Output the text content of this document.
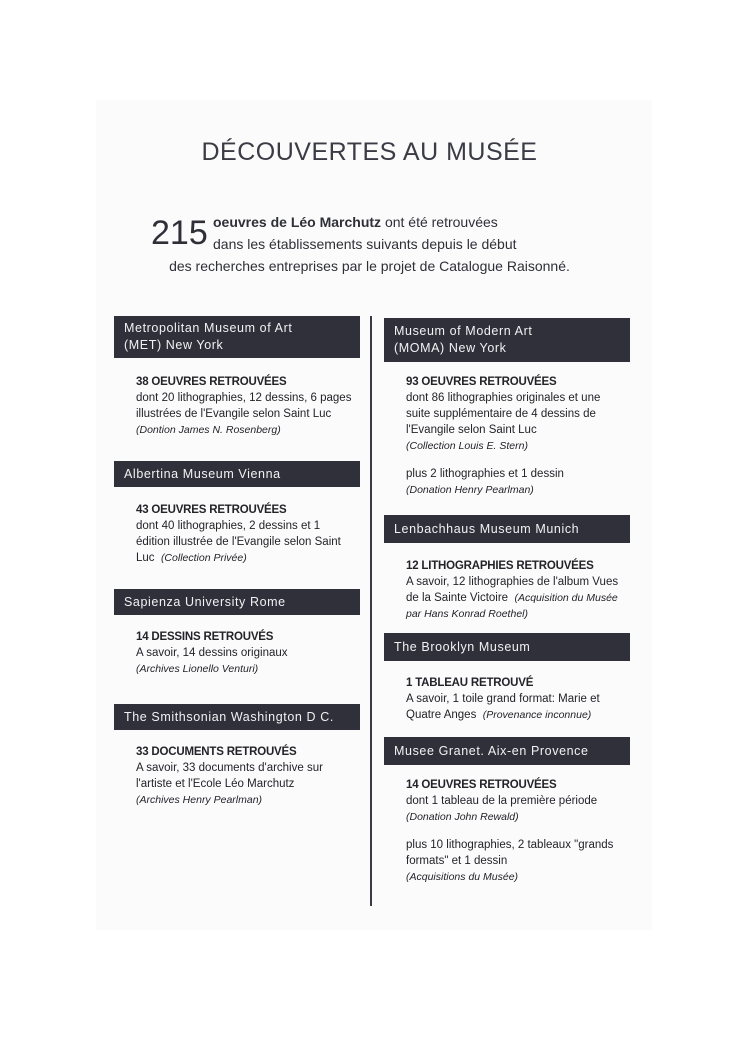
DÉCOUVERTES AU MUSÉE
215 oeuvres de Léo Marchutz ont été retrouvées
dans les établissements suivants depuis le début
des recherches entreprises par le projet de Catalogue Raisonné.
Metropolitan Museum of Art
(MET) New York
38 OEUVRES RETROUVÉES
dont 20 lithographies, 12 dessins, 6 pages
illustrées de l'Evangile selon Saint Luc
(Dontion James N. Rosenberg)
Albertina Museum Vienna
43 OEUVRES RETROUVÉES
dont 40 lithographies, 2 dessins et 1
édition illustrée de l'Evangile selon Saint
Luc (Collection Privée)
Sapienza University Rome
14 DESSINS RETROUVÉS
A savoir, 14 dessins originaux
(Archives Lionello Venturi)
The Smithsonian Washington D C.
33 DOCUMENTS RETROUVÉS
A savoir, 33 documents d'archive sur
l'artiste et l'Ecole Léo Marchutz
(Archives Henry Pearlman)
Museum of Modern Art
(MOMA) New York
93 OEUVRES RETROUVÉES
dont 86 lithographies originales et une
suite supplémentaire de 4 dessins de
l'Evangile selon Saint Luc
(Collection Louis E. Stern)
plus 2 lithographies et 1 dessin
(Donation Henry Pearlman)
Lenbachhaus Museum Munich
12 LITHOGRAPHIES RETROUVÉES
A savoir, 12 lithographies de l'album Vues
de la Sainte Victoire (Acquisition du Musée
par Hans Konrad Roethel)
The Brooklyn Museum
1 TABLEAU RETROUVÉ
A savoir, 1 toile grand format: Marie et
Quatre Anges (Provenance inconnue)
Musee Granet. Aix-en Provence
14 OEUVRES RETROUVÉES
dont 1 tableau de la première période
(Donation John Rewald)
plus 10 lithographies, 2 tableaux "grands
formats" et 1 dessin
(Acquisitions du Musée)
